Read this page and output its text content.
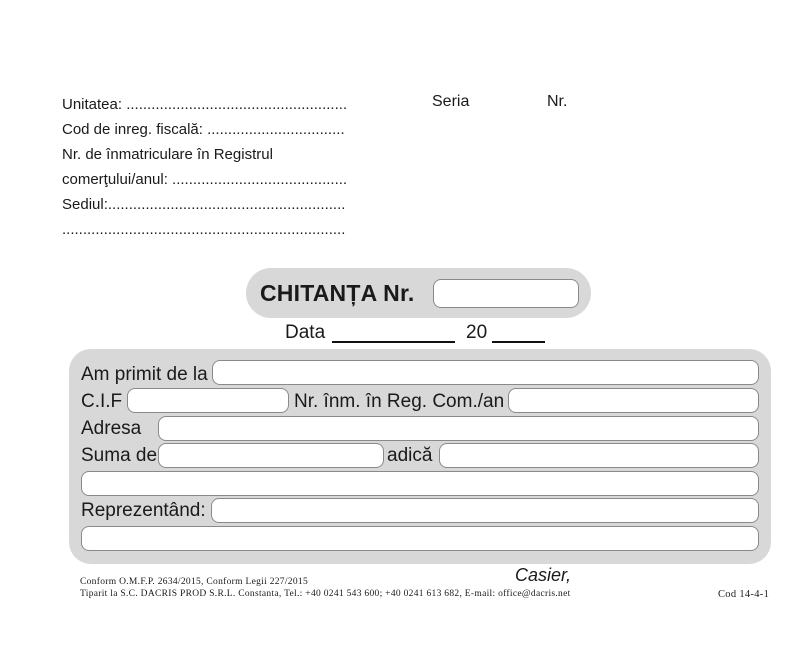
Unitatea: .....................................................
Cod de inreg. fiscală: .................................
Nr. de înmatriculare în Registrul
comerţului/anul: ..........................................
Sediul:.........................................................
....................................................................
Seria	Nr.
CHITANȚA Nr.
Data	20
Am primit de la
C.I.F	Nr. înm. în Reg. Com./an
Adresa
Suma de	adică
Reprezentând:
Casier,
Conform O.M.F.P. 2634/2015, Conform Legii 227/2015
Tiparit la S.C. DACRIS PROD S.R.L. Constanta, Tel.: +40 0241 543 600; +40 0241 613 682, E-mail: office@dacris.net	Cod 14-4-1
